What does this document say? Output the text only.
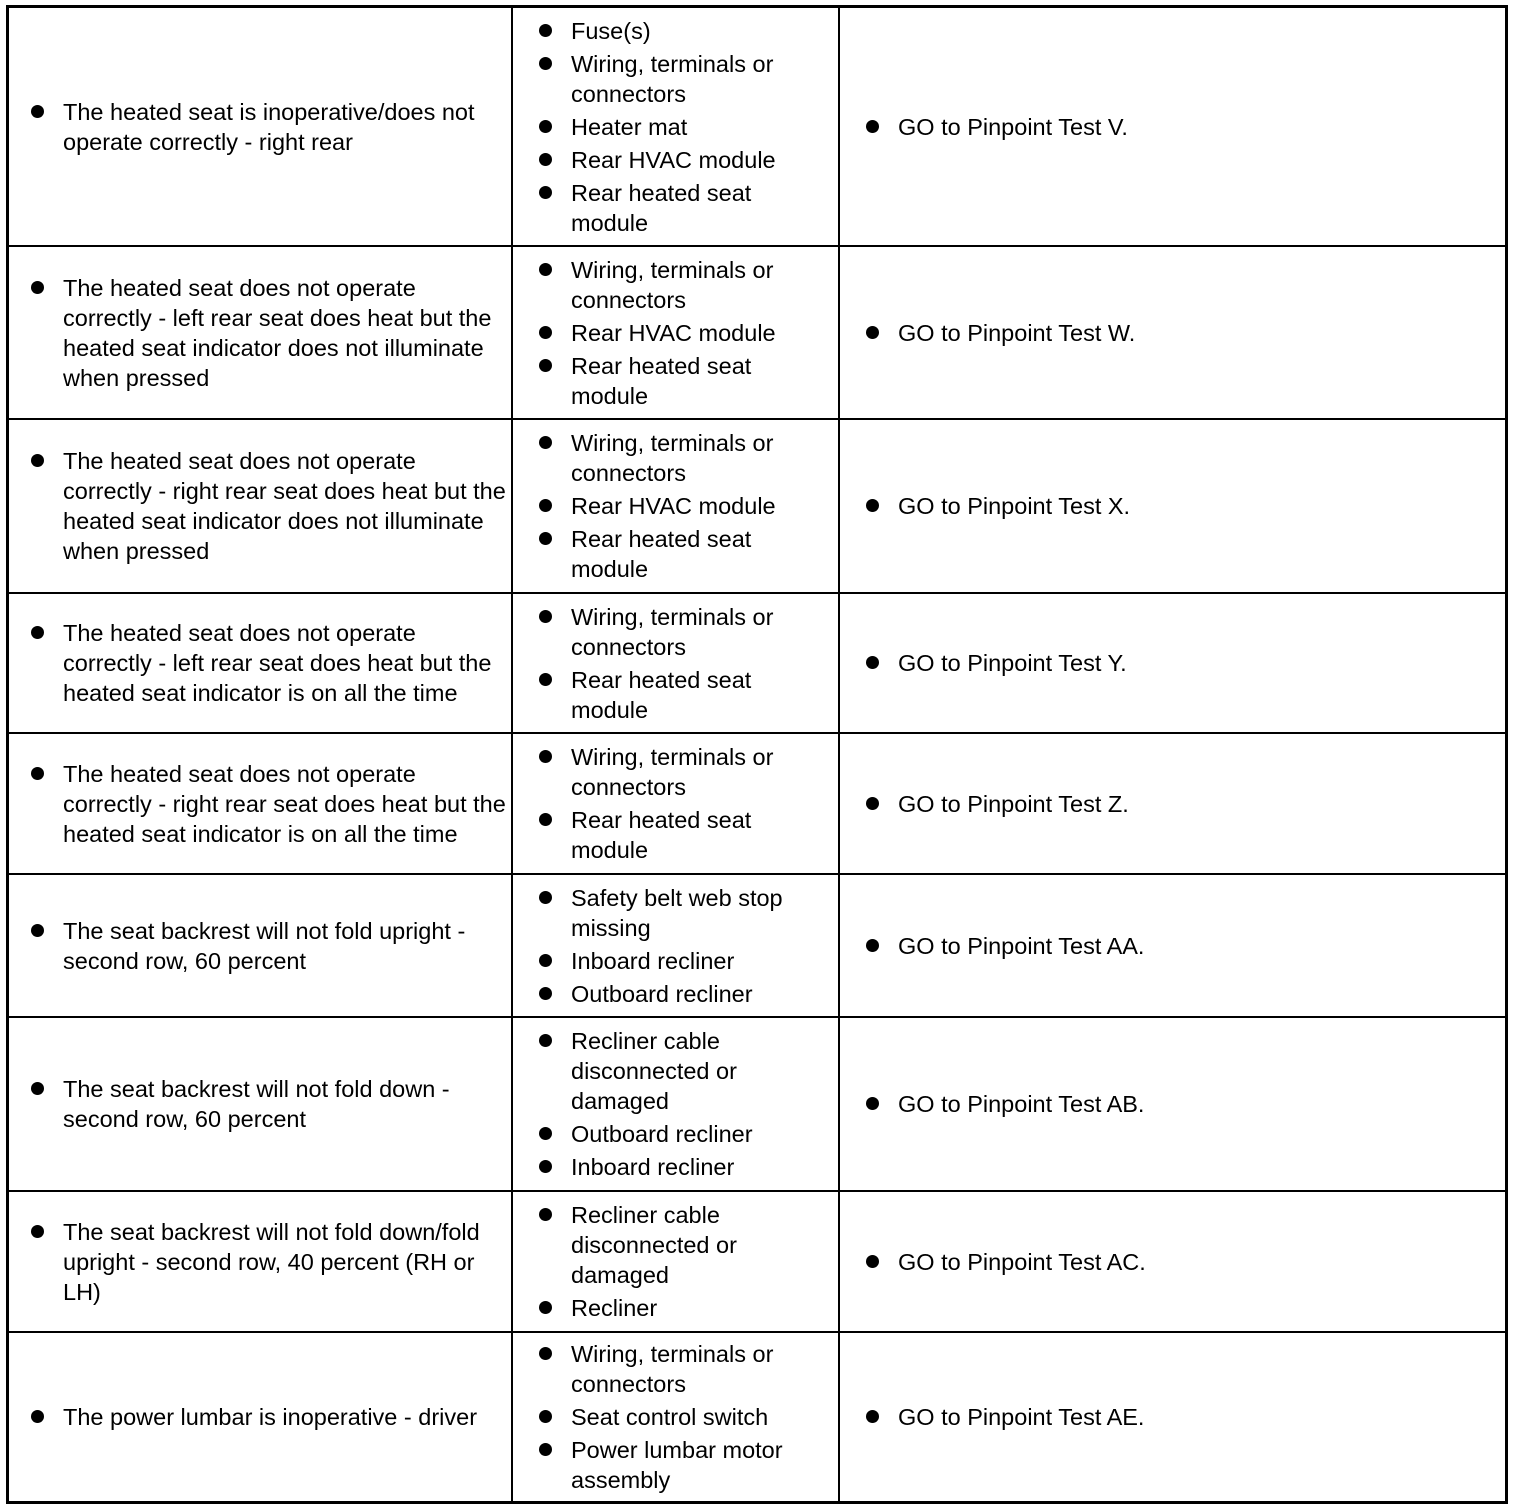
The heated seat is inoperative/does not operate correctly - right rear
Fuse(s)
Wiring, terminals or connectors
Heater mat
Rear HVAC module
Rear heated seat module
GO to Pinpoint Test V.
The heated seat does not operate correctly - left rear seat does heat but the heated seat indicator does not illuminate when pressed
Wiring, terminals or connectors
Rear HVAC module
Rear heated seat module
GO to Pinpoint Test W.
The heated seat does not operate correctly - right rear seat does heat but the heated seat indicator does not illuminate when pressed
Wiring, terminals or connectors
Rear HVAC module
Rear heated seat module
GO to Pinpoint Test X.
The heated seat does not operate correctly - left rear seat does heat but the heated seat indicator is on all the time
Wiring, terminals or connectors
Rear heated seat module
GO to Pinpoint Test Y.
The heated seat does not operate correctly - right rear seat does heat but the heated seat indicator is on all the time
Wiring, terminals or connectors
Rear heated seat module
GO to Pinpoint Test Z.
The seat backrest will not fold upright - second row, 60 percent
Safety belt web stop missing
Inboard recliner
Outboard recliner
GO to Pinpoint Test AA.
The seat backrest will not fold down - second row, 60 percent
Recliner cable disconnected or damaged
Outboard recliner
Inboard recliner
GO to Pinpoint Test AB.
The seat backrest will not fold down/fold upright - second row, 40 percent (RH or LH)
Recliner cable disconnected or damaged
Recliner
GO to Pinpoint Test AC.
The power lumbar is inoperative - driver
Wiring, terminals or connectors
Seat control switch
Power lumbar motor assembly
GO to Pinpoint Test AE.
